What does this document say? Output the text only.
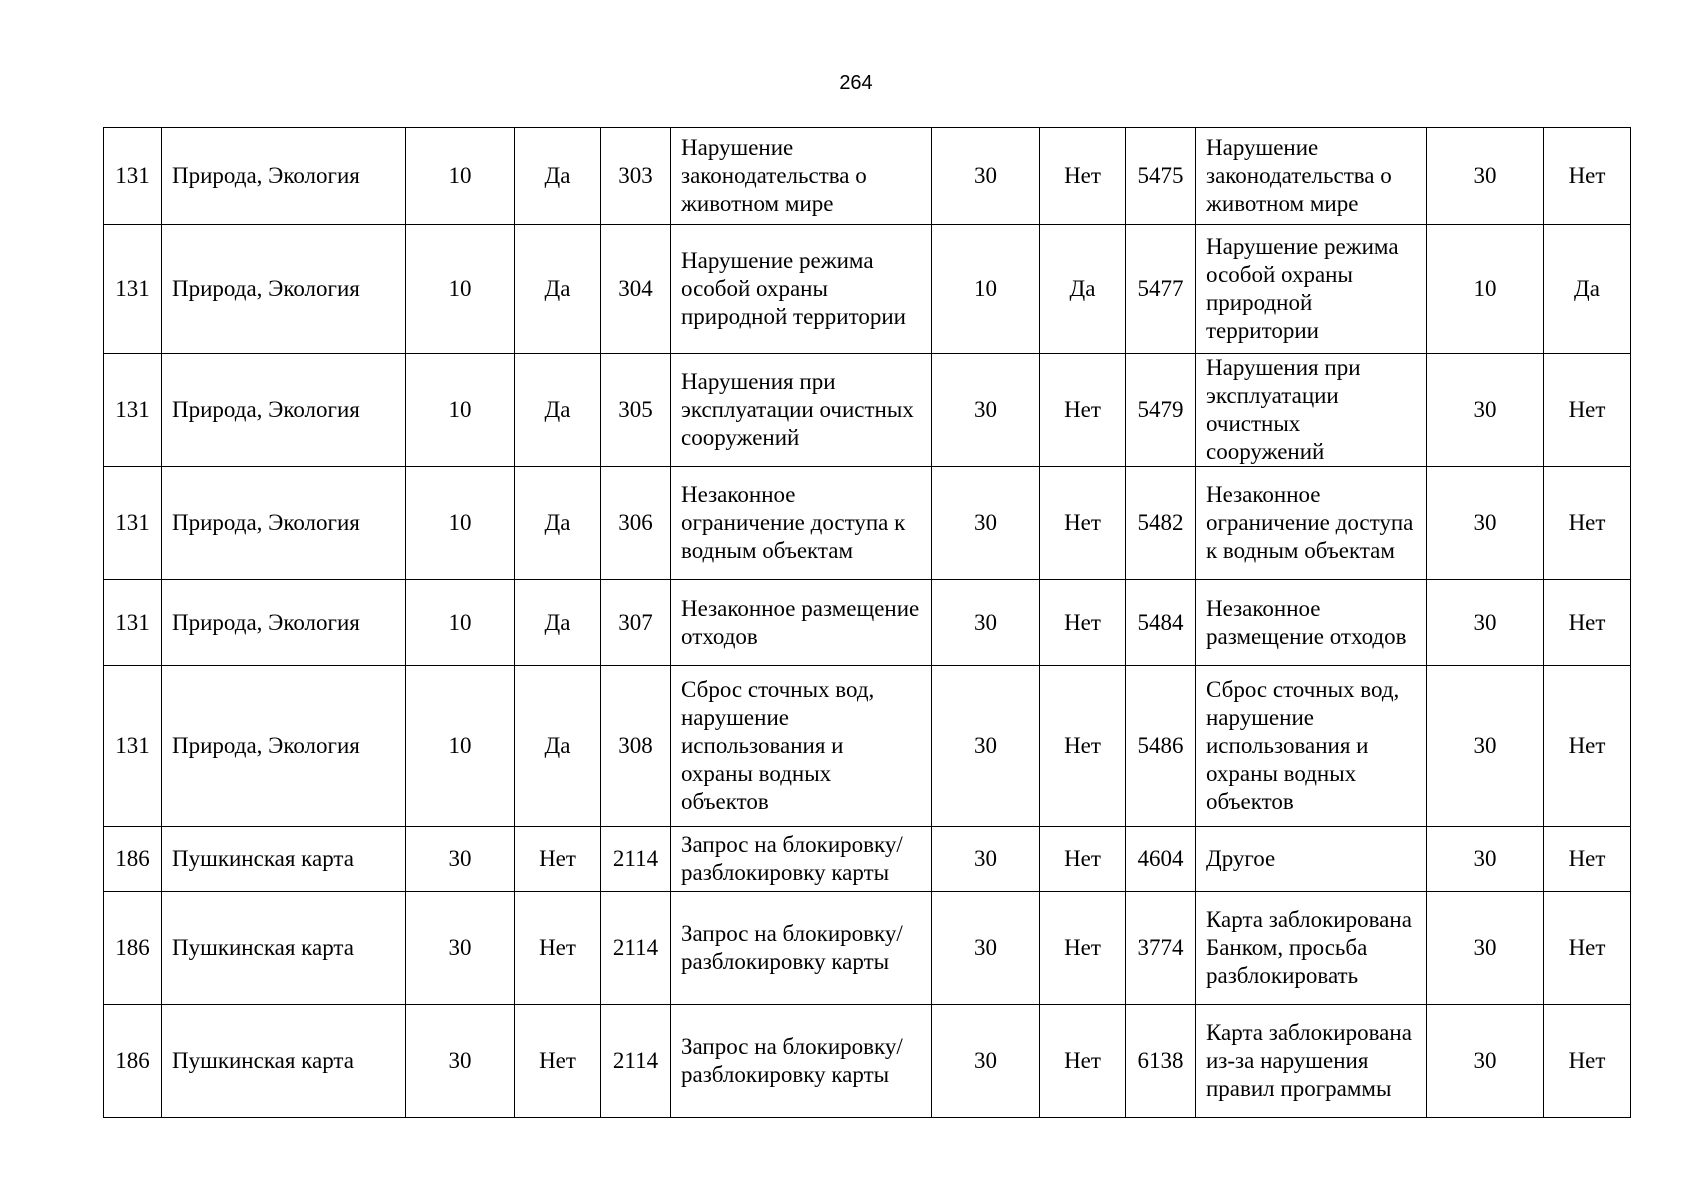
264
131	Природа, Экология	10	Да	303	Нарушение законодательства о животном мире	30	Нет	5475	Нарушение законодательства о животном мире	30	Нет
131	Природа, Экология	10	Да	304	Нарушение режима особой охраны природной территории	10	Да	5477	Нарушение режима особой охраны природной территории	10	Да
131	Природа, Экология	10	Да	305	Нарушения при эксплуатации очистных сооружений	30	Нет	5479	Нарушения при эксплуатации очистных сооружений	30	Нет
131	Природа, Экология	10	Да	306	Незаконное ограничение доступа к водным объектам	30	Нет	5482	Незаконное ограничение доступа к водным объектам	30	Нет
131	Природа, Экология	10	Да	307	Незаконное размещение отходов	30	Нет	5484	Незаконное размещение отходов	30	Нет
131	Природа, Экология	10	Да	308	Сброс сточных вод, нарушение использования и охраны водных объектов	30	Нет	5486	Сброс сточных вод, нарушение использования и охраны водных объектов	30	Нет
186	Пушкинская карта	30	Нет	2114	Запрос на блокировку/ разблокировку карты	30	Нет	4604	Другое	30	Нет
186	Пушкинская карта	30	Нет	2114	Запрос на блокировку/ разблокировку карты	30	Нет	3774	Карта заблокирована Банком, просьба разблокировать	30	Нет
186	Пушкинская карта	30	Нет	2114	Запрос на блокировку/ разблокировку карты	30	Нет	6138	Карта заблокирована из-за нарушения правил программы	30	Нет
